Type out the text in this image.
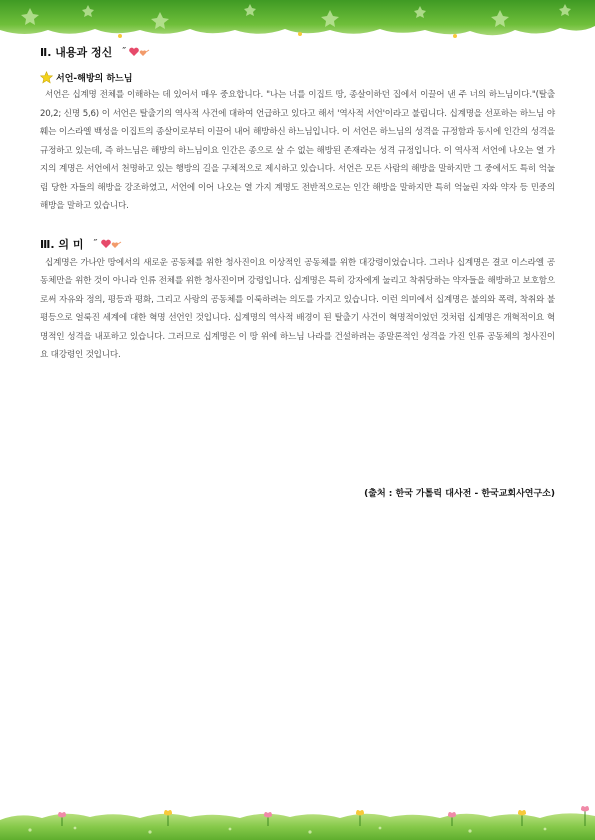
Ⅱ. 내용과 정신 ″
서언-해방의 하느님

서언은 십계명 전체를 이해하는 데 있어서 매우 중요합니다. "나는 너를 이집트 땅, 종살이하던 집에서 이끌어 낸 주 너의 하느님이다."(탈출 20,2; 신명 5,6) 이 서언은 탈출기의 역사적 사건에 대하여 언급하고 있다고 해서 '역사적 서언'이라고 불립니다. 십계명을 선포하는 하느님 야훼는 이스라엘 백성을 이집트의 종살이로부터 이끌어 내어 해방하신 하느님입니다. 이 서언은 하느님의 성격을 규정함과 동시에 인간의 성격을 규정하고 있는데, 즉 하느님은 해방의 하느님이요 인간은 종으로 살 수 없는 해방된 존재라는 성격 규정입니다. 이 역사적 서언에 나오는 열 가지의 계명은 서언에서 천명하고 있는 행방의 길을 구체적으로 제시하고 있습니다. 서언은 모든 사람의 해방을 말하지만 그 중에서도 특히 억눌림 당한 자들의 해방을 강조하였고, 서언에 이어 나오는 열 가지 계명도 전반적으로는 인간 해방을 말하지만 특히 억눌린 자와 약자 등 민중의 해방을 말하고 있습니다.

Ⅲ. 의 미 ″

십계명은 가나안 땅에서의 새로운 공동체를 위한 청사진이요 이상적인 공동체를 위한 대강령이었습니다. 그러나 십계명은 결코 이스라엘 공동체만을 위한 것이 아니라 인류 전체를 위한 청사진이며 강령입니다. 십계명은 특히 강자에게 눌리고 착취당하는 약자들을 해방하고 보호함으로써 자유와 정의, 평등과 평화, 그리고 사랑의 공동체를 이룩하려는 의도를 가지고 있습니다. 이런 의미에서 십계명은 불의와 폭력, 착취와 불평등으로 얼룩진 세계에 대한 혁명 선언인 것입니다. 십계명의 역사적 배경이 된 탈출기 사건이 혁명적이었던 것처럼 십계명은 개혁적이요 혁명적인 성격을 내포하고 있습니다. 그러므로 십계명은 이 땅 위에 하느님 나라를 건설하려는 종말론적인 성격을 가진 인류 공동체의 청사진이요 대강령인 것입니다.

(출처 : 한국 가톨릭 대사전 - 한국교회사연구소)
